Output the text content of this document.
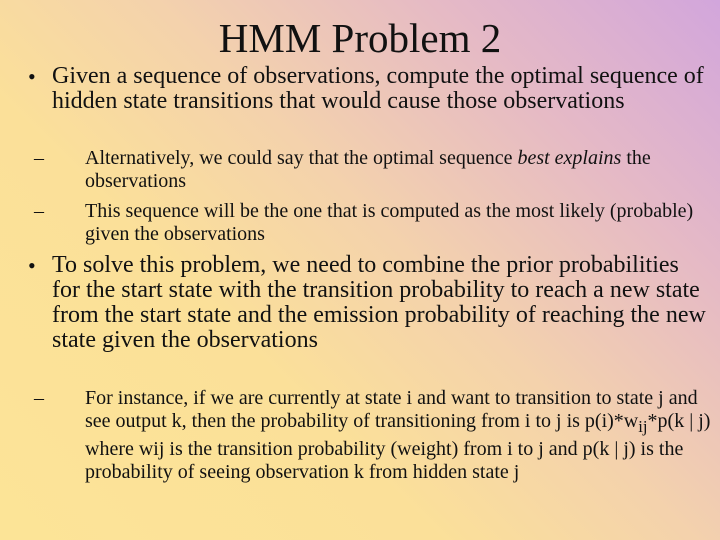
HMM Problem 2
• Given a sequence of observations, compute the optimal sequence of hidden state transitions that would cause those observations
– Alternatively, we could say that the optimal sequence best explains the observations
– This sequence will be the one that is computed as the most likely (probable) given the observations
• To solve this problem, we need to combine the prior probabilities for the start state with the transition probability to reach a new state from the start state and the emission probability of reaching the new state given the observations
– For instance, if we are currently at state i and want to transition to state j and see output k, then the probability of transitioning from i to j is $p(i)*w_{ij}*p(k$ | j) where wij is the transition probability (weight) from i to j and p(k | j) is the probability of seeing observation k from hidden state j
